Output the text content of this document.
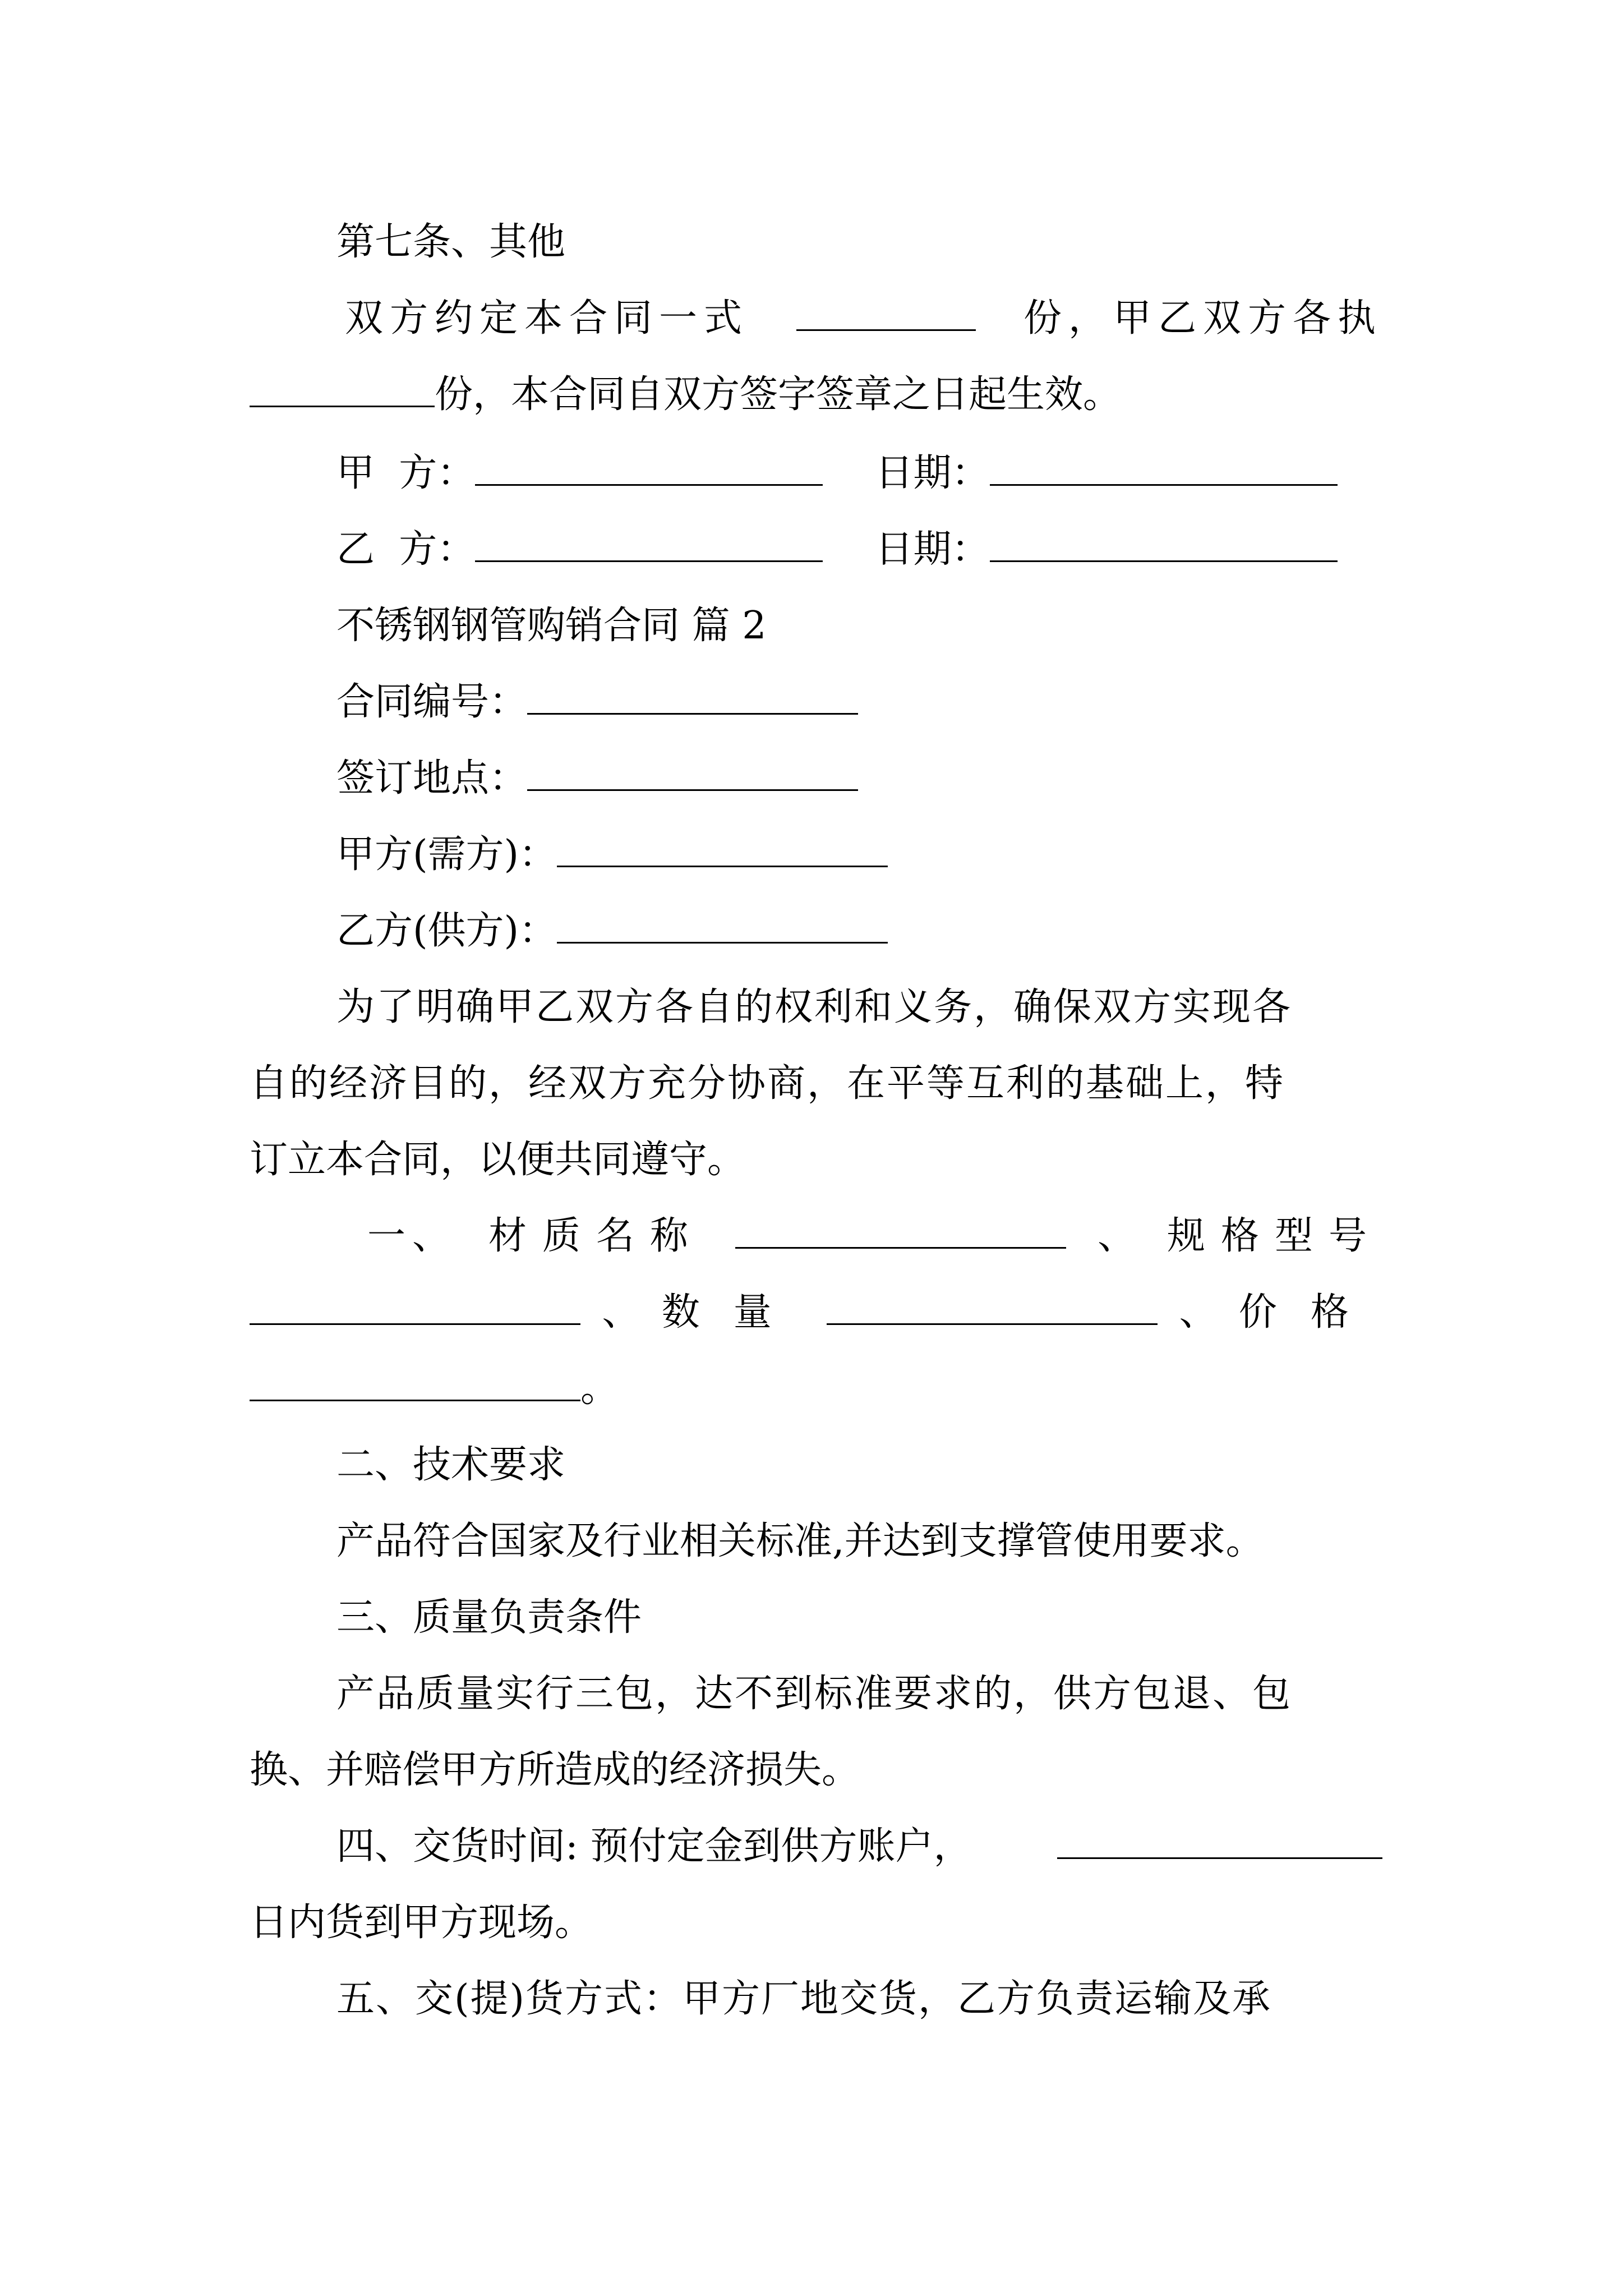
第七条、其他
双方约定本合同一式	份，甲乙双方各执
份，本合同自双方签字签章之日起生效。
甲  方：	日期：
乙  方：	日期：
不锈钢钢管购销合同 篇 2
合同编号：
签订地点：
甲方(需方)：
乙方(供方)：
为了明确甲乙双方各自的权利和义务，确保双方实现各
自的经济目的，经双方充分协商，在平等互利的基础上，特
订立本合同，以便共同遵守。
一、 材质名称	、 规格型号
、 数量	、 价格
。
二、技术要求
产品符合国家及行业相关标准,并达到支撑管使用要求。
三、质量负责条件
产品质量实行三包，达不到标准要求的，供方包退、包
换、并赔偿甲方所造成的经济损失。
四、交货时间: 预付定金到供方账户，
日内货到甲方现场。
五、交(提)货方式：甲方厂地交货，乙方负责运输及承
